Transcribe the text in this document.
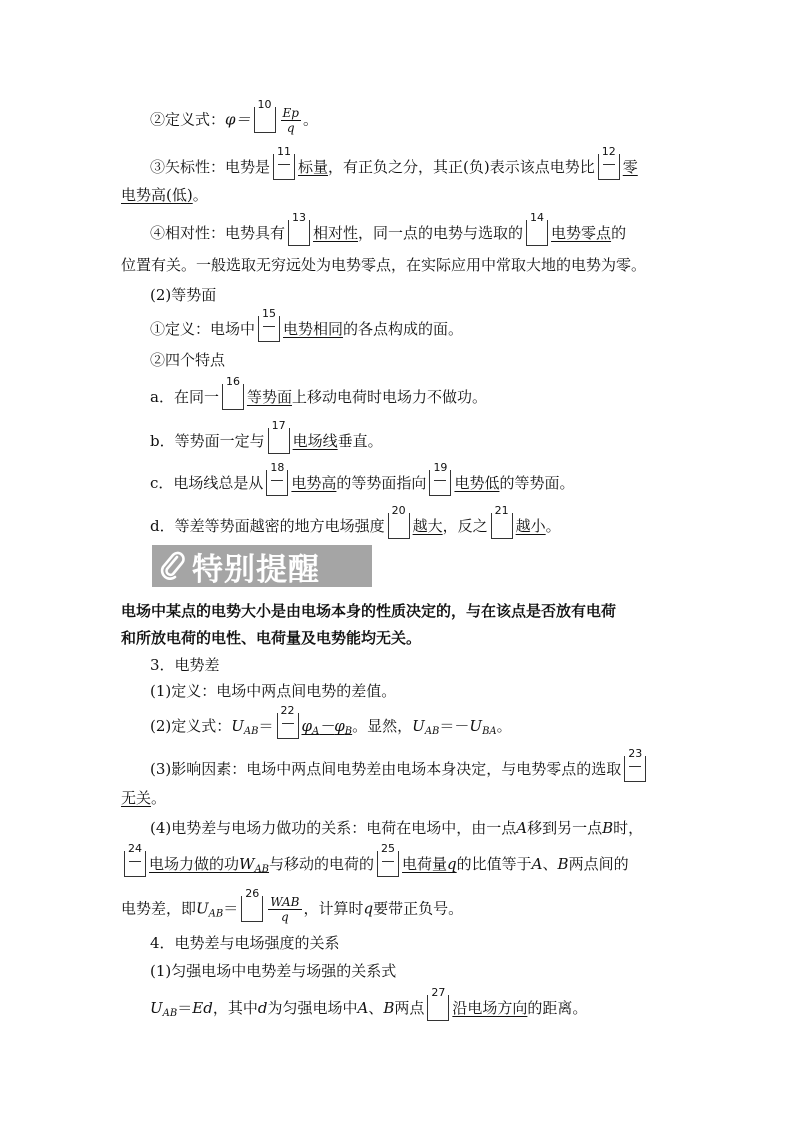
②定义式：φ＝
10
$\frac{Ep}{q}$ 。
③矢标性：电势是
11
标量，有正负之分，其正(负)表示该点电势比
12
零
电势高(低)。
④相对性：电势具有
13
相对性，同一点的电势与选取的
14
电势零点的
位置有关。一般选取无穷远处为电势零点，在实际应用中常取大地的电势为零。
(2)等势面
①定义：电场中
15
电势相同的各点构成的面。
②四个特点
a．在同一
16
等势面上移动电荷时电场力不做功。
b．等势面一定与
17
电场线垂直。
c．电场线总是从
18
电势高的等势面指向
19
电势低的等势面。
d．等差等势面越密的地方电场强度
20
越大，反之
21
越小。
特别提醒
电场中某点的电势大小是由电场本身的性质决定的，与在该点是否放有电荷
和所放电荷的电性、电荷量及电势能均无关。
3．电势差
(1)定义：电场中两点间电势的差值。
(2)定义式：$U_{AB}=$
22
$\varphi_A-\varphi_B$。显然，$U_{AB}=-U_{BA}$。
(3)影响因素：电场中两点间电势差由电场本身决定，与电势零点的选取
23
无关。
(4)电势差与电场力做功的关系：电荷在电场中，由一点A移到另一点B时，
24
电场力做的功$W_{AB}$与移动的电荷的
25
电荷量q的比值等于A、B两点间的
电势差，即$U_{AB}=$
26
$\frac{\text{WAB}}{q}$ ，计算时q要带正负号。
4．电势差与电场强度的关系
(1)匀强电场中电势差与场强的关系式
$U_{AB}=Ed$，其中d为匀强电场中A、B两点
27
沿电场方向的距离。
